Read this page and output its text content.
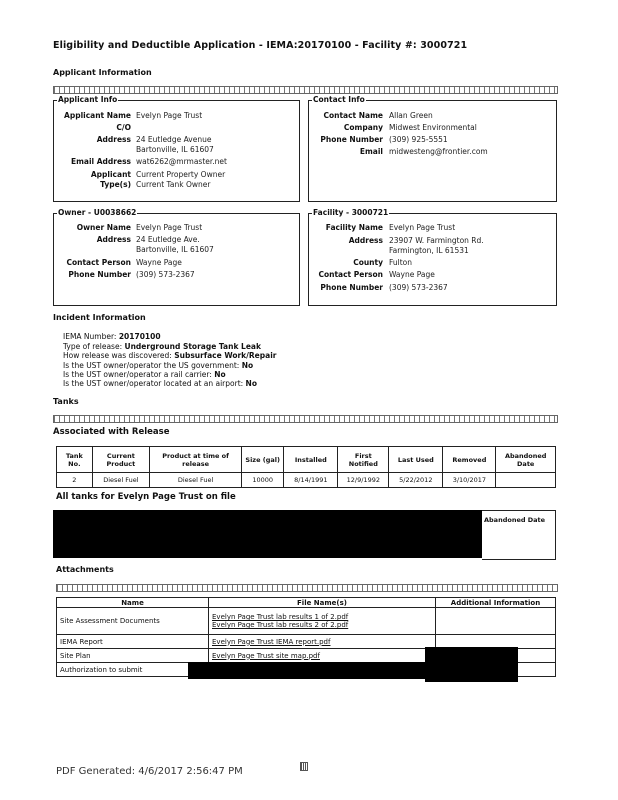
Eligibility and Deductible Application - IEMA:20170100 - Facility #: 3000721
Applicant Information
Applicant Info	Contact Info
Owner - U0038662	Facility - 3000721
Applicant Name Evelyn Page Trust
C/O
Address 24 Eutledge Avenue
Bartonville, IL 61607
Email Address wat6262@mrmaster.net
Applicant Current Property Owner
Type(s) Current Tank Owner
Contact Name Allan Green
Company Midwest Environmental
Phone Number (309) 925-5551
Email midwesteng@frontier.com
Owner Name Evelyn Page Trust
Address 24 Eutledge Ave.
Bartonville, IL 61607
Contact Person Wayne Page
Phone Number (309) 573-2367
Facility Name Evelyn Page Trust
Address 23907 W. Farmington Rd.
Farmington, IL 61531
County Fulton
Contact Person Wayne Page
Phone Number (309) 573-2367
Incident Information
IEMA Number: 20170100
Type of release: Underground Storage Tank Leak
How release was discovered: Subsurface Work/Repair
Is the UST owner/operator the US government: No
Is the UST owner/operator a rail carrier: No
Is the UST owner/operator located at an airport: No
Tanks
Associated with Release
Tank No.	Current Product	Product at time of release	Size (gal)	Installed	First Notified	Last Used	Removed	Abandoned Date
2	Diesel Fuel	Diesel Fuel	10000	8/14/1991	12/9/1992	5/22/2012	3/10/2017	
All tanks for Evelyn Page Trust on file
Abandoned Date
Attachments
Name	File Name(s)	Additional Information
Site Assessment Documents	Evelyn Page Trust lab results 1 of 2.pdf
Evelyn Page Trust lab results 2 of 2.pdf	

IEMA Report	Evelyn Page Trust IEMA report.pdf	

Site Plan	Evelyn Page Trust site map.pdf	

Authorization to submit		
PDF Generated: 4/6/2017 2:56:47 PM
